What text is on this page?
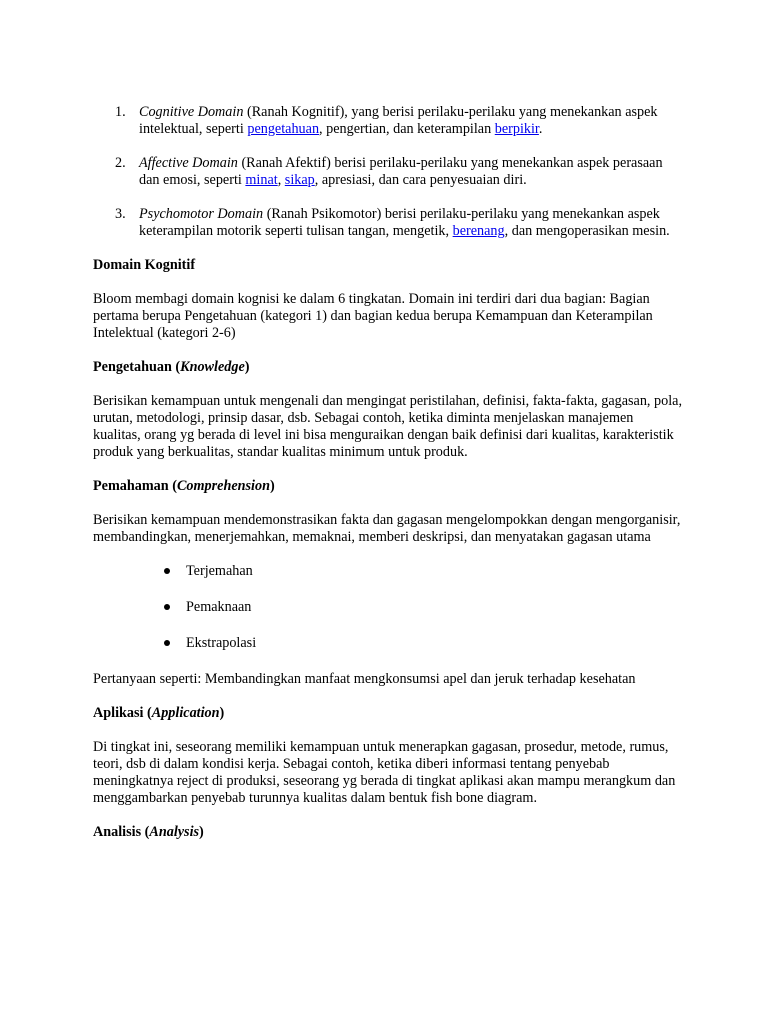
1. Cognitive Domain (Ranah Kognitif), yang berisi perilaku-perilaku yang menekankan aspek intelektual, seperti pengetahuan, pengertian, dan keterampilan berpikir.
2. Affective Domain (Ranah Afektif) berisi perilaku-perilaku yang menekankan aspek perasaan dan emosi, seperti minat, sikap, apresiasi, dan cara penyesuaian diri.
3. Psychomotor Domain (Ranah Psikomotor) berisi perilaku-perilaku yang menekankan aspek keterampilan motorik seperti tulisan tangan, mengetik, berenang, dan mengoperasikan mesin.
Domain Kognitif

Bloom membagi domain kognisi ke dalam 6 tingkatan. Domain ini terdiri dari dua bagian: Bagian pertama berupa Pengetahuan (kategori 1) dan bagian kedua berupa Kemampuan dan Keterampilan Intelektual (kategori 2-6)

Pengetahuan (Knowledge)

Berisikan kemampuan untuk mengenali dan mengingat peristilahan, definisi, fakta-fakta, gagasan, pola, urutan, metodologi, prinsip dasar, dsb. Sebagai contoh, ketika diminta menjelaskan manajemen kualitas, orang yg berada di level ini bisa menguraikan dengan baik definisi dari kualitas, karakteristik produk yang berkualitas, standar kualitas minimum untuk produk.

Pemahaman (Comprehension)

Berisikan kemampuan mendemonstrasikan fakta dan gagasan mengelompokkan dengan mengorganisir, membandingkan, menerjemahkan, memaknai, memberi deskripsi, dan menyatakan gagasan utama

Terjemahan
Pemaknaan
Ekstrapolasi

Pertanyaan seperti: Membandingkan manfaat mengkonsumsi apel dan jeruk terhadap kesehatan

Aplikasi (Application)

Di tingkat ini, seseorang memiliki kemampuan untuk menerapkan gagasan, prosedur, metode, rumus, teori, dsb di dalam kondisi kerja. Sebagai contoh, ketika diberi informasi tentang penyebab meningkatnya reject di produksi, seseorang yg berada di tingkat aplikasi akan mampu merangkum dan menggambarkan penyebab turunnya kualitas dalam bentuk fish bone diagram.

Analisis (Analysis)
